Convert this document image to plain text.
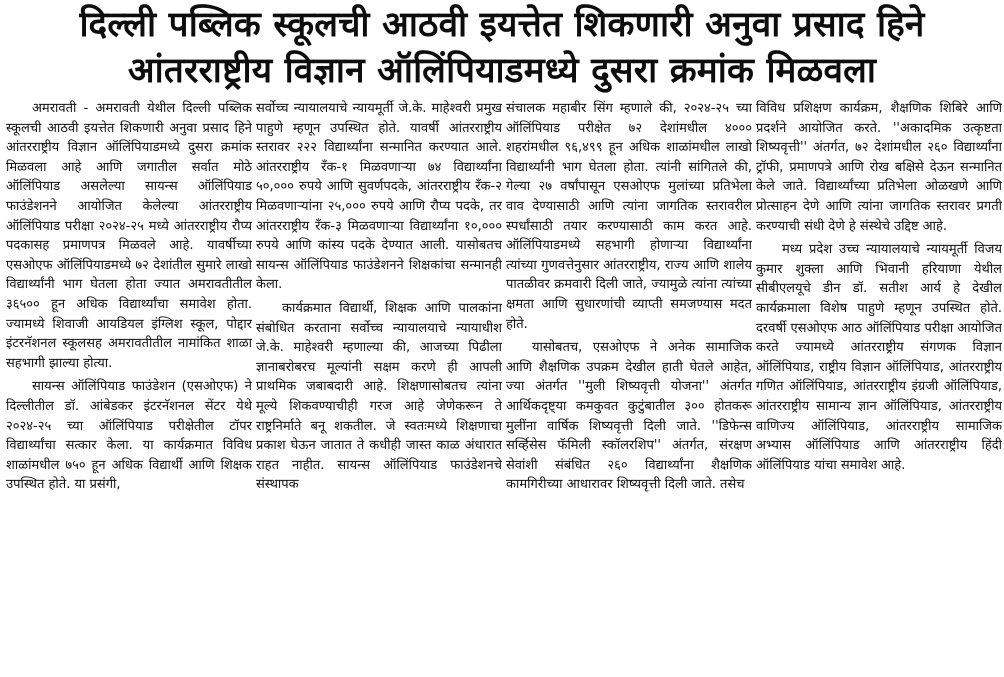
दिल्ली पब्लिक स्कूलची आठवी इयत्तेत शिकणारी अनुवा प्रसाद हिने
आंतरराष्ट्रीय विज्ञान ऑलिंपियाडमध्ये दुसरा क्रमांक मिळवला

अमरावती - अमरावती येथील दिल्ली पब्लिक स्कूलची आठवी इयत्तेत शिकणारी अनुवा प्रसाद हिने आंतरराष्ट्रीय विज्ञान ऑलिंपियाडमध्ये दुसरा क्रमांक मिळवला आहे आणि जगातील सर्वात मोठे ऑलिंपियाड असलेल्या सायन्स ऑलिंपियाड फाउंडेशनने आयोजित केलेल्या आंतरराष्ट्रीय ऑलिंपियाड परीक्षा २०२४-२५ मध्ये आंतरराष्ट्रीय रौप्य पदकासह प्रमाणपत्र मिळवले आहे. यावर्षीच्या एसओएफ ऑलिंपियाडमध्ये ७२ देशांतील सुमारे लाखो विद्यार्थ्यांनी भाग घेतला होता ज्यात अमरावतीतील ३६५०० हून अधिक विद्यार्थ्यांचा समावेश होता. ज्यामध्ये शिवाजी आयडियल इंग्लिश स्कूल, पोद्दार इंटरनॅशनल स्कूलसह अमरावतीतील नामांकित शाळा सहभागी झाल्या होत्या.

सायन्स ऑलिंपियाड फाउंडेशन (एसओएफ) ने दिल्लीतील डॉ. आंबेडकर इंटरनॅशनल सेंटर येथे २०२४-२५ च्या ऑलिंपियाड परीक्षेतील टॉपर विद्यार्थ्यांचा सत्कार केला. या कार्यक्रमात विविध शाळांमधील ७५० हून अधिक विद्यार्थी आणि शिक्षक उपस्थित होते. या प्रसंगी,

सर्वोच्च न्यायालयाचे न्यायमूर्ती जे.के. माहेश्वरी प्रमुख पाहुणे म्हणून उपस्थित होते. यावर्षी आंतरराष्ट्रीय स्तरावर २२२ विद्यार्थ्यांना सन्मानित करण्यात आले. आंतरराष्ट्रीय रँक-१ मिळवणाऱ्या ७४ विद्यार्थ्यांना ५०,००० रुपये आणि सुवर्णपदके, आंतरराष्ट्रीय रँक-२ मिळवणाऱ्यांना २५,००० रुपये आणि रौप्य पदके, तर आंतरराष्ट्रीय रँक-३ मिळवणाऱ्या विद्यार्थ्यांना १०,००० रुपये आणि कांस्य पदके देण्यात आली. यासोबतच सायन्स ऑलिंपियाड फाउंडेशनने शिक्षकांचा सन्मानही केला.

कार्यक्रमात विद्यार्थी, शिक्षक आणि पालकांना संबोधित करताना सर्वोच्च न्यायालयाचे न्यायाधीश जे.के. माहेश्वरी म्हणाल्या की, आजच्या पिढीला ज्ञानाबरोबरच मूल्यांनी सक्षम करणे ही आपली प्राथमिक जबाबदारी आहे. शिक्षणासोबतच त्यांना मूल्ये शिकवण्याचीही गरज आहे जेणेकरून ते राष्ट्रनिर्माते बनू शकतील. जे स्वतःमध्ये शिक्षणाचा प्रकाश घेऊन जातात ते कधीही जास्त काळ अंधारात राहत नाहीत. सायन्स ऑलिंपियाड फाउंडेशनचे संस्थापक

संचालक महाबीर सिंग म्हणाले की, २०२४-२५ च्या ऑलिंपियाड परीक्षेत ७२ देशांमधील ४००० शहरांमधील ९६,४९९ हून अधिक शाळांमधील लाखो विद्यार्थ्यांनी भाग घेतला होता. त्यांनी सांगितले की, गेल्या २७ वर्षांपासून एसओएफ मुलांच्या प्रतिभेला वाव देण्यासाठी आणि त्यांना जागतिक स्तरावरील स्पर्धांसाठी तयार करण्यासाठी काम करत आहे. ऑलिंपियाडमध्ये सहभागी होणाऱ्या विद्यार्थ्यांना त्यांच्या गुणवत्तेनुसार आंतरराष्ट्रीय, राज्य आणि शालेय पातळीवर क्रमवारी दिली जाते, ज्यामुळे त्यांना त्यांच्या क्षमता आणि सुधारणांची व्याप्ती समजण्यास मदत होते.

यासोबतच, एसओएफ ने अनेक सामाजिक आणि शैक्षणिक उपक्रम देखील हाती घेतले आहेत, ज्या अंतर्गत ''मुली शिष्यवृत्ती योजना'' अंतर्गत आर्थिकदृष्ट्या कमकुवत कुटुंबातील ३०० होतकरू मुलींना वार्षिक शिष्यवृत्ती दिली जाते. ''डिफेन्स सर्व्हिसेस फॅमिली स्कॉलरशिप'' अंतर्गत, संरक्षण सेवांशी संबंधित २६० विद्यार्थ्यांना शैक्षणिक कामगिरीच्या आधारावर शिष्यवृत्ती दिली जाते. तसेच

विविध प्रशिक्षण कार्यक्रम, शैक्षणिक शिबिरे आणि प्रदर्शने आयोजित करते. ''अकादमिक उत्कृष्टता शिष्यवृत्ती'' अंतर्गत, ७२ देशांमधील २६० विद्यार्थ्यांना ट्रॉफी, प्रमाणपत्रे आणि रोख बक्षिसे देऊन सन्मानित केले जाते. विद्यार्थ्यांच्या प्रतिभेला ओळखणे आणि प्रोत्साहन देणे आणि त्यांना जागतिक स्तरावर प्रगती करण्याची संधी देणे हे संस्थेचे उद्दिष्ट आहे.

मध्य प्रदेश उच्च न्यायालयाचे न्यायमूर्ती विजय कुमार शुक्ला आणि भिवानी हरियाणा येथील सीबीएलयूचे डीन डॉ. सतीश आर्य हे देखील कार्यक्रमाला विशेष पाहुणे म्हणून उपस्थित होते. दरवर्षी एसओएफ आठ ऑलिंपियाड परीक्षा आयोजित करते ज्यामध्ये आंतरराष्ट्रीय संगणक विज्ञान ऑलिंपियाड, राष्ट्रीय विज्ञान ऑलिंपियाड, आंतरराष्ट्रीय गणित ऑलिंपियाड, आंतरराष्ट्रीय इंग्रजी ऑलिंपियाड, आंतरराष्ट्रीय सामान्य ज्ञान ऑलिंपियाड, आंतरराष्ट्रीय वाणिज्य ऑलिंपियाड, आंतरराष्ट्रीय सामाजिक अभ्यास ऑलिंपियाड आणि आंतरराष्ट्रीय हिंदी ऑलिंपियाड यांचा समावेश आहे.
